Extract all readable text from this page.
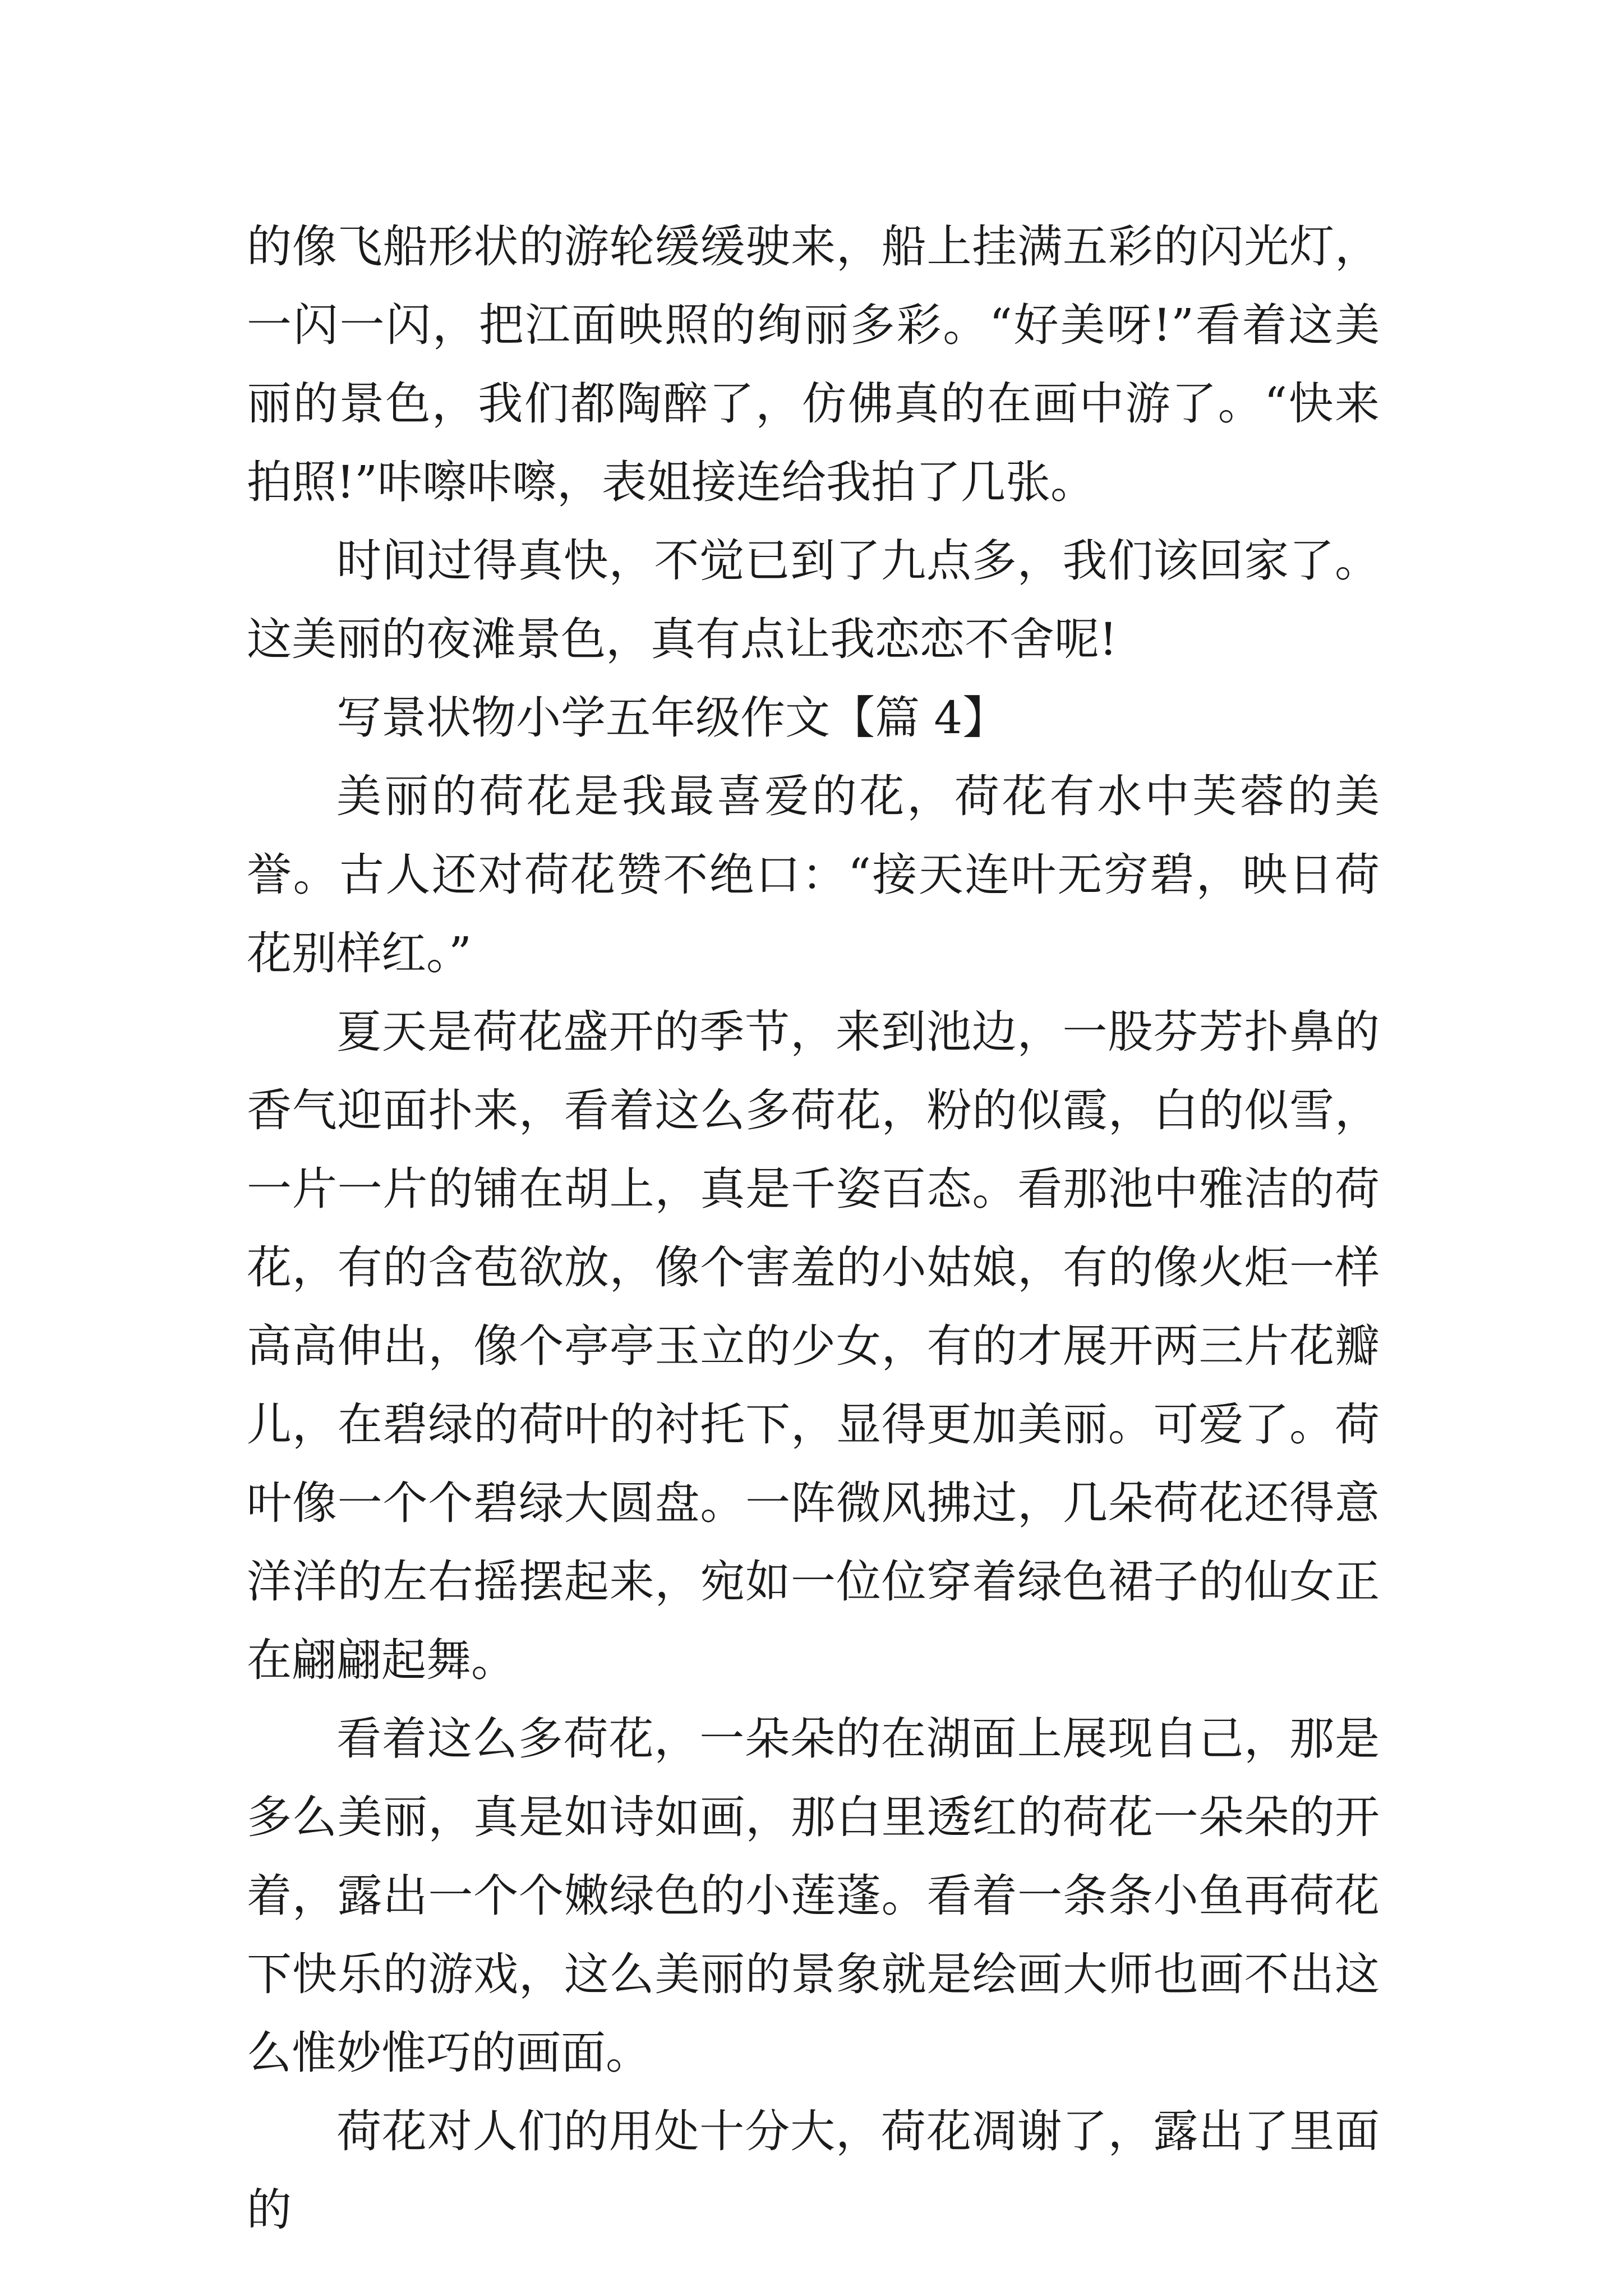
的像飞船形状的游轮缓缓驶来，船上挂满五彩的闪光灯，一闪一闪，把江面映照的绚丽多彩。“好美呀!”看着这美丽的景色，我们都陶醉了，仿佛真的在画中游了。“快来拍照!”咔嚓咔嚓，表姐接连给我拍了几张。

时间过得真快，不觉已到了九点多，我们该回家了。这美丽的夜滩景色，真有点让我恋恋不舍呢!

写景状物小学五年级作文【篇 4】

美丽的荷花是我最喜爱的花，荷花有水中芙蓉的美誉。古人还对荷花赞不绝口：“接天连叶无穷碧，映日荷花别样红。”

夏天是荷花盛开的季节，来到池边，一股芬芳扑鼻的香气迎面扑来，看着这么多荷花，粉的似霞，白的似雪，一片一片的铺在胡上，真是千姿百态。看那池中雅洁的荷花，有的含苞欲放，像个害羞的小姑娘，有的像火炬一样高高伸出，像个亭亭玉立的少女，有的才展开两三片花瓣儿，在碧绿的荷叶的衬托下，显得更加美丽。可爱了。荷叶像一个个碧绿大圆盘。一阵微风拂过，几朵荷花还得意洋洋的左右摇摆起来，宛如一位位穿着绿色裙子的仙女正在翩翩起舞。

看着这么多荷花，一朵朵的在湖面上展现自己，那是多么美丽，真是如诗如画，那白里透红的荷花一朵朵的开着，露出一个个嫩绿色的小莲蓬。看着一条条小鱼再荷花下快乐的游戏，这么美丽的景象就是绘画大师也画不出这么惟妙惟巧的画面。

荷花对人们的用处十分大，荷花凋谢了，露出了里面的
